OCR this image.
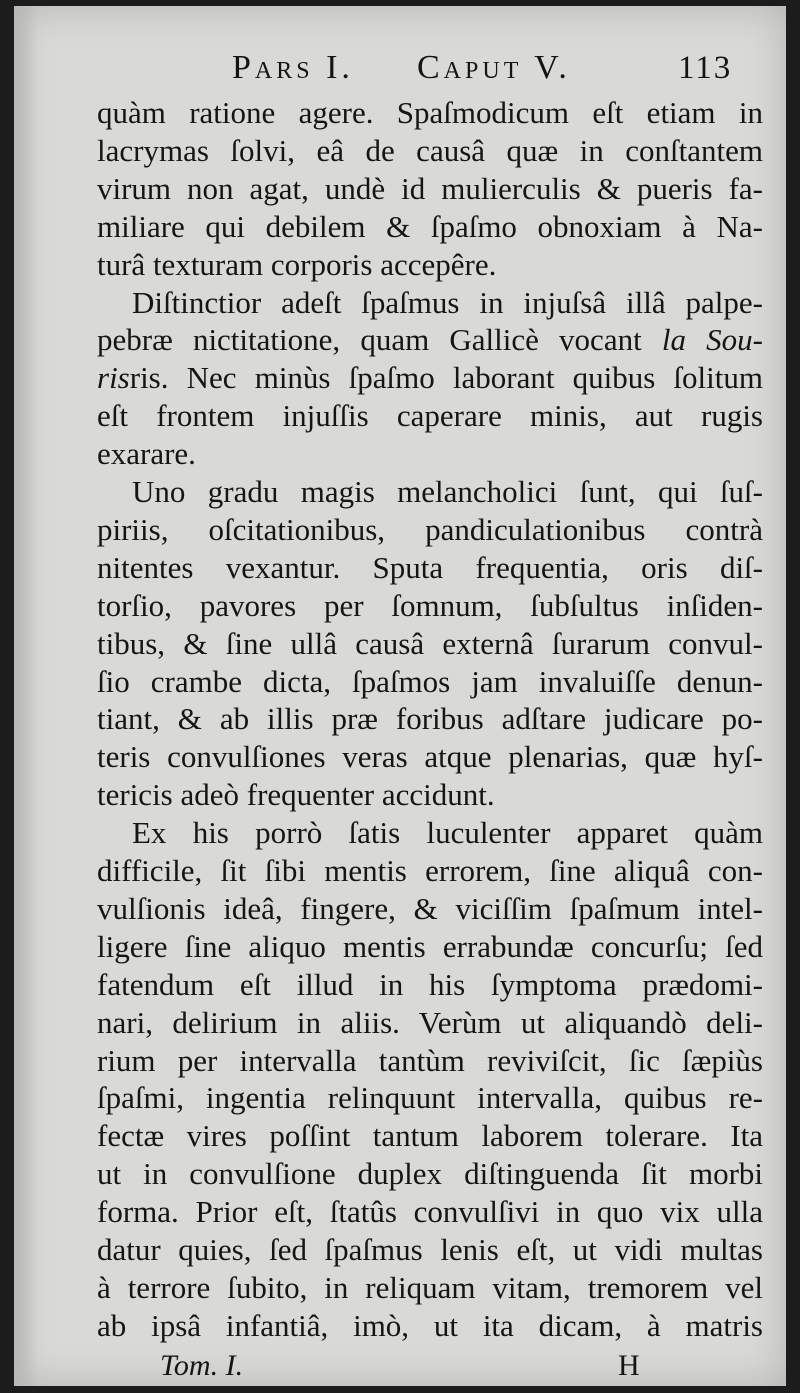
Pars I. Caput V.	113
quàm ratione agere. Spaſmodicum eſt etiam in
lacrymas ſolvi, eâ de causâ quæ in conſtantem
virum non agat, undè id mulierculis & pueris fa-
miliare qui debilem & ſpaſmo obnoxiam à Na-
turâ texturam corporis accepêre.
Diſtinctior adeſt ſpaſmus in injuſsâ illâ palpe-
pebræ nictitatione, quam Gallicè vocant la Sou-
risris. Nec minùs ſpaſmo laborant quibus ſolitum
eſt frontem injuſſis caperare minis, aut rugis
exarare.
Uno gradu magis melancholici ſunt, qui ſuſ-
piriis, oſcitationibus, pandiculationibus contrà
nitentes vexantur. Sputa frequentia, oris diſ-
torſio, pavores per ſomnum, ſubſultus inſiden-
tibus, & ſine ullâ causâ externâ ſurarum convul-
ſio crambe dicta, ſpaſmos jam invaluiſſe denun-
tiant, & ab illis præ foribus adſtare judicare po-
teris convulſiones veras atque plenarias, quæ hyſ-
tericis adeò frequenter accidunt.
Ex his porrò ſatis luculenter apparet quàm
difficile, ſit ſibi mentis errorem, ſine aliquâ con-
vulſionis ideâ, fingere, & viciſſim ſpaſmum intel-
ligere ſine aliquo mentis errabundæ concurſu; ſed
fatendum eſt illud in his ſymptoma prædomi-
nari, delirium in aliis. Verùm ut aliquandò deli-
rium per intervalla tantùm reviviſcit, ſic ſæpiùs
ſpaſmi, ingentia relinquunt intervalla, quibus re-
fectæ vires poſſint tantum laborem tolerare. Ita
ut in convulſione duplex diſtinguenda ſit morbi
forma. Prior eſt, ſtatûs convulſivi in quo vix ulla
datur quies, ſed ſpaſmus lenis eſt, ut vidi multas
à terrore ſubito, in reliquam vitam, tremorem vel
ab ipsâ infantiâ, imò, ut ita dicam, à matris
Tom. I.	H
